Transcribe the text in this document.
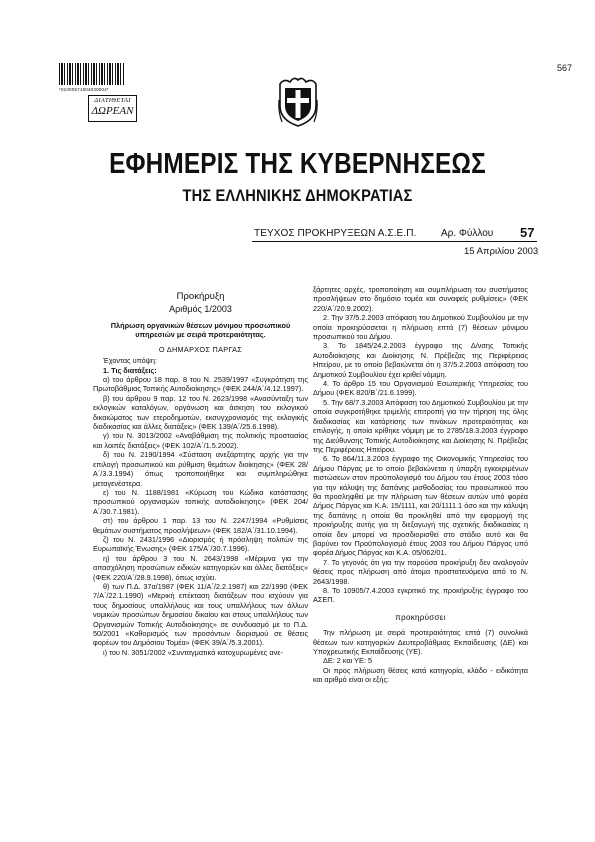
*01000571504030004*
ΔΙΑΤΙΘΕΤΑΙ
ΔΩΡΕΑΝ
567
ΕΦΗΜΕΡΙΣ ΤΗΣ ΚΥΒΕΡΝΗΣΕΩΣ
ΤΗΣ ΕΛΛΗΝΙΚΗΣ ΔΗΜΟΚΡΑΤΙΑΣ
ΤΕΥΧΟΣ ΠΡΟΚΗΡΥΞΕΩΝ Α.Σ.Ε.Π. Αρ. Φύλλου 57
15 Απριλίου 2003

Προκήρυξη

Αριθμός 1/2003

Πλήρωση οργανικών θέσεων μόνιμου προσωπικού υπηρεσιών με σειρά προτεραιότητας.

Ο ΔΗΜΑΡΧΟΣ ΠΑΡΓΑΣ

Έχοντας υπόψη:

1. Τις διατάξεις:

α) του άρθρου 18 παρ. 8 του Ν. 2539/1997 «Συγκρότηση της Πρωτοβάθμιας Τοπικής Αυτοδιοίκησης» (ΦΕΚ 244/Α΄/4.12.1997).

β) του άρθρου 9 παρ. 12 του Ν. 2623/1998 «Ανασύνταξη των εκλογικών καταλόγων, οργάνωση και άσκηση του εκλογικού δικαιώματος των ετεροδημοτών, εκσυγχρονισμός της εκλογικής διαδικασίας και άλλες διατάξεις» (ΦΕΚ 139/Α΄/25.6.1998).

γ) του Ν. 3013/2002 «Αναβάθμιση της πολιτικής προστασίας και λοιπές διατάξεις» (ΦΕΚ 102/Α΄/1.5.2002).

δ) του Ν. 2190/1994 «Σύσταση ανεξάρτητης αρχής για την επιλογή προσωπικού και ρύθμιση θεμάτων διοίκησης» (ΦΕΚ 28/Α΄/3.3.1994) όπως τροποποιήθηκε και συμπληρώθηκε μεταγενέστερα.

ε) του Ν. 1188/1981 «Κύρωση του Κώδικα κατάστασης προσωπικού οργανισμών τοπικής αυτοδιοίκησης» (ΦΕΚ 204/Α΄/30.7.1981).

στ) του άρθρου 1 παρ. 13 του Ν. 2247/1994 «Ρυθμίσεις θεμάτων συστήματος προσλήψεων» (ΦΕΚ 182/Α΄/31.10.1994).

ζ) του Ν. 2431/1996 «Διορισμός ή πρόσληψη πολιτών της Ευρωπαϊκής Ένωσης» (ΦΕΚ 175/Α΄/30.7.1996).

η) του άρθρου 3 του Ν. 2643/1998 «Μέριμνα για την απασχόληση προσώπων ειδικών κατηγοριών και άλλες διατάξεις» (ΦΕΚ 220/Α΄/28.9.1998), όπως ισχύει.

θ) των Π.Δ. 37α/1987 (ΦΕΚ 11/Α΄/2.2.1987) και 22/1990 (ΦΕΚ 7/Α΄/22.1.1990) «Μερική επέκταση διατάξεων που ισχύουν για τους δημοσίους υπαλλήλους και τους υπαλλήλους των άλλων νομικών προσώπων δημοσίου δικαίου και στους υπαλλήλους των Οργανισμών Τοπικής Αυτοδιοίκησης» σε συνδυασμό με το Π.Δ. 50/2001 «Καθορισμός των προσόντων διορισμού σε θέσεις φορέων του Δημόσιου Τομέα» (ΦΕΚ 39/Α΄/5.3.2001).

ι) του Ν. 3051/2002 «Συνταγματικά κατοχυρωμένες ανε-

ξάρτητες αρχές, τροποποίηση και συμπλήρωση του συστήματος προσλήψεων στο δημόσιο τομέα και συναφείς ρυθμίσεις» (ΦΕΚ 220/Α΄/20.9.2002).

2. Την 37/5.2.2003 απόφαση του Δημοτικού Συμβουλίου με την οποία προκηρύσσεται η πλήρωση επτά (7) θέσεων μόνιμου προσωπικού του Δήμου.

3. Το 1845/24.2.2003 έγγραφο της Δ/νσης Τοπικής Αυτοδιοίκησης και Διοίκησης Ν. Πρέβεζας της Περιφέρειας Ηπείρου, με το οποίο βεβαιώνεται ότι η 37/5.2.2003 απόφαση του Δημοτικού Συμβουλίου έχει κριθεί νόμιμη.

4. Το άρθρο 15 του Οργανισμού Εσωτερικής Υπηρεσίας του Δήμου (ΦΕΚ 820/Β΄/21.6.1999).

5. Την 68/7.3.2003 Απόφαση του Δημοτικού Συμβουλίου με την οποία συγκροτήθηκε τριμελής επιτροπή για την τήρηση της όλης διαδικασίας και κατάρτισης των πινάκων προτεραιότητας και επιλογής, η οποία κρίθηκε νόμιμη με το 2785/18.3.2003 έγγραφο της Διεύθυνσης Τοπικής Αυτοδιοίκησης και Διοίκησης Ν. Πρέβεζας της Περιφέρειας Ηπείρου.

6. Το 864/11.3.2003 έγγραφο της Οικονομικής Υπηρεσίας του Δήμου Πάργας με το οποίο βεβαιώνεται η ύπαρξη εγκεκριμένων πιστώσεων στον προϋπολογισμό του Δήμου του έτους 2003 τόσο για την κάλυψη της δαπάνης μισθοδοσίας του προσωπικού που θα προσληφθεί με την πλήρωση των θέσεων αυτών υπό φορέα Δήμος Πάργας και Κ.Α. 15/1111, και 20/1111.1 όσο και την κάλυψη της δαπάνης η οποία θα προκληθεί από την εφαρμογή της προκήρυξης αυτής για τη διεξαγωγή της σχετικής διαδικασίας η οποία δεν μπορεί να προσδιορισθεί στο στάδιο αυτό και θα βαρύνει τον Προϋπολογισμό έτους 2003 του Δήμου Πάργας υπό φορέα Δήμος Πάργας και Κ.Α. 05/062/01.

7. Το γεγονός ότι για την παρούσα προκήρυξη δεν αναλογούν θέσεις προς πλήρωση από άτομα προστατευόμενα από το Ν. 2643/1998.

8. Το 10905/7.4.2003 εγκριτικό της προκήρυξης έγγραφο του ΑΣΕΠ.

προκηρύσσει

Την πλήρωση με σειρά προτεραιότητας επτά (7) συνολικά θέσεων των κατηγοριών Δευτεροβάθμιας Εκπαίδευσης (ΔΕ) και Υποχρεωτικής Εκπαίδευσης (ΥΕ).

ΔΕ: 2 και ΥΕ: 5

Οι προς πλήρωση θέσεις κατά κατηγορία, κλάδο - ειδικότητα και αριθμό είναι οι εξής:
